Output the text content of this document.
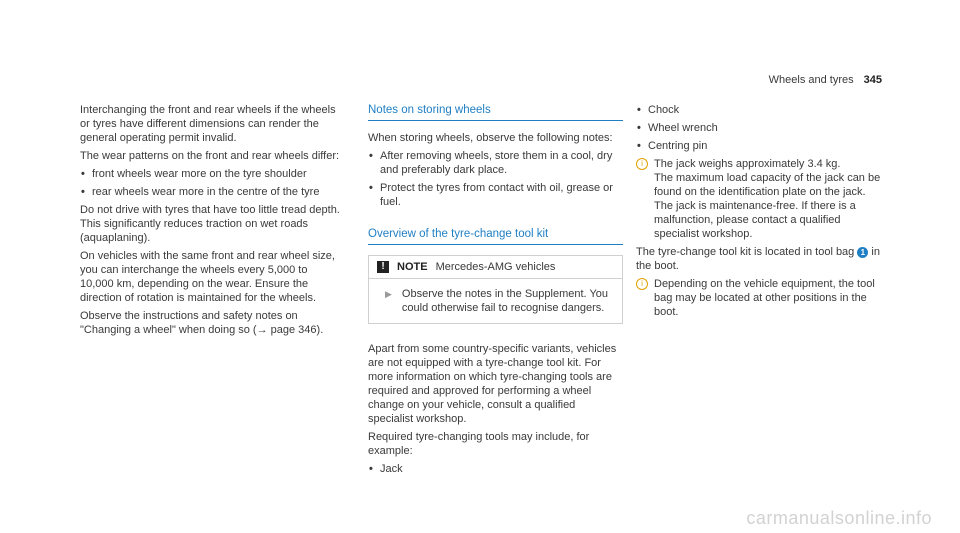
Wheels and tyres 345

Interchanging the front and rear wheels if the wheels or tyres have different dimensions can render the general operating permit invalid.

The wear patterns on the front and rear wheels differ:

• front wheels wear more on the tyre shoulder
• rear wheels wear more in the centre of the tyre

Do not drive with tyres that have too little tread depth. This significantly reduces traction on wet roads (aquaplaning).

On vehicles with the same front and rear wheel size, you can interchange the wheels every 5,000 to 10,000 km, depending on the wear. Ensure the direction of rotation is maintained for the wheels.

Observe the instructions and safety notes on "Changing a wheel" when doing so (→ page 346).

Notes on storing wheels

When storing wheels, observe the following notes:

• After removing wheels, store them in a cool, dry and preferably dark place.
• Protect the tyres from contact with oil, grease or fuel.
Overview of the tyre-change tool kit
!	NOTE Mercedes-AMG vehicles
▶ Observe the notes in the Supplement. You could otherwise fail to recognise dangers.

Apart from some country-specific variants, vehicles are not equipped with a tyre-change tool kit. For more information on which tyre-changing tools are required and approved for performing a wheel change on your vehicle, consult a qualified specialist workshop.

Required tyre-changing tools may include, for example:

• Jack
• Chock
• Wheel wrench
• Centring pin
i	The jack weighs approximately 3.4 kg.

The maximum load capacity of the jack can be found on the identification plate on the jack.

The jack is maintenance-free. If there is a malfunction, please contact a qualified specialist workshop.

The tyre-change tool kit is located in tool bag 1 in the boot.

i	Depending on the vehicle equipment, the tool bag may be located at other positions in the boot.

carmanualsonline.info
